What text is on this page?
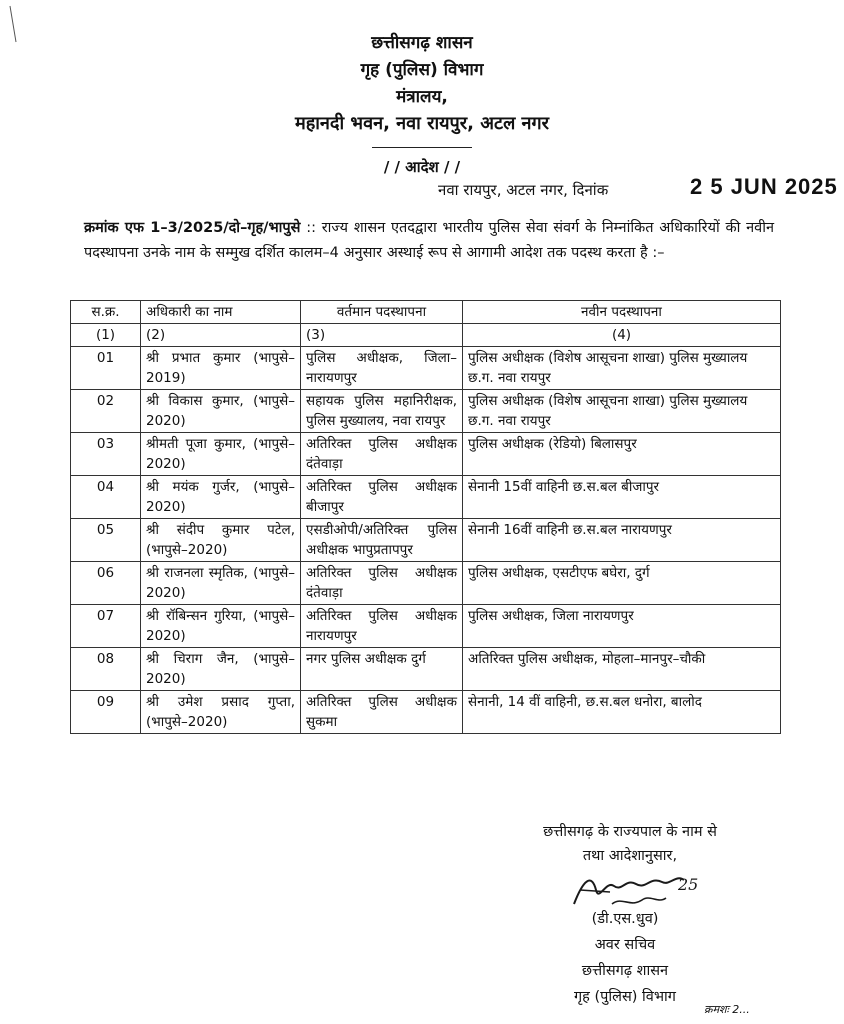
छत्तीसगढ़ शासन
गृह (पुलिस) विभाग
मंत्रालय,
महानदी भवन, नवा रायपुर, अटल नगर
/ / आदेश / /
नवा रायपुर, अटल नगर, दिनांक	2 5 JUN 2025
क्रमांक एफ 1–3/2025/दो–गृह/भापुसे :: राज्य शासन एतदद्वारा भारतीय पुलिस सेवा संवर्ग के निम्नांकित अधिकारियों की नवीन पदस्थापना उनके नाम के सम्मुख दर्शित कालम–4 अनुसार अस्थाई रूप से आगामी आदेश तक पदस्थ करता है :–
स.क्र.	अधिकारी का नाम	वर्तमान पदस्थापना	नवीन पदस्थापना
(1)	(2)	(3)	(4)
01	श्री प्रभात कुमार (भापुसे–2019)	पुलिस अधीक्षक, जिला–नारायणपुर	पुलिस अधीक्षक (विशेष आसूचना शाखा) पुलिस मुख्यालय छ.ग. नवा रायपुर
02	श्री विकास कुमार, (भापुसे– 2020)	सहायक पुलिस महानिरीक्षक, पुलिस मुख्यालय, नवा रायपुर	पुलिस अधीक्षक (विशेष आसूचना शाखा) पुलिस मुख्यालय छ.ग. नवा रायपुर
03	श्रीमती पूजा कुमार, (भापुसे–2020)	अतिरिक्त पुलिस अधीक्षक दंतेवाड़ा	पुलिस अधीक्षक (रेडियो) बिलासपुर
04	श्री मयंक गुर्जर, (भापुसे– 2020)	अतिरिक्त पुलिस अधीक्षक बीजापुर	सेनानी 15वीं वाहिनी छ.स.बल बीजापुर
05	श्री संदीप कुमार पटेल, (भापुसे–2020)	एसडीओपी/अतिरिक्त पुलिस अधीक्षक भापुप्रतापपुर	सेनानी 16वीं वाहिनी छ.स.बल नारायणपुर
06	श्री राजनला स्मृतिक, (भापुसे–2020)	अतिरिक्त पुलिस अधीक्षक दंतेवाड़ा	पुलिस अधीक्षक, एसटीएफ बघेरा, दुर्ग
07	श्री रॉबिन्सन गुरिया, (भापुसे–2020)	अतिरिक्त पुलिस अधीक्षक नारायणपुर	पुलिस अधीक्षक, जिला नारायणपुर
08	श्री चिराग जैन, (भापुसे– 2020)	नगर पुलिस अधीक्षक दुर्ग	अतिरिक्त पुलिस अधीक्षक, मोहला–मानपुर–चौकी
09	श्री उमेश प्रसाद गुप्ता, (भापुसे–2020)	अतिरिक्त पुलिस अधीक्षक सुकमा	सेनानी, 14 वीं वाहिनी, छ.स.बल धनोरा, बालोद
छत्तीसगढ़ के राज्यपाल के नाम से
तथा आदेशानुसार,
25
(डी.एस.धुव)
अवर सचिव
छत्तीसगढ़ शासन
गृह (पुलिस) विभाग
क्रमशः 2...
